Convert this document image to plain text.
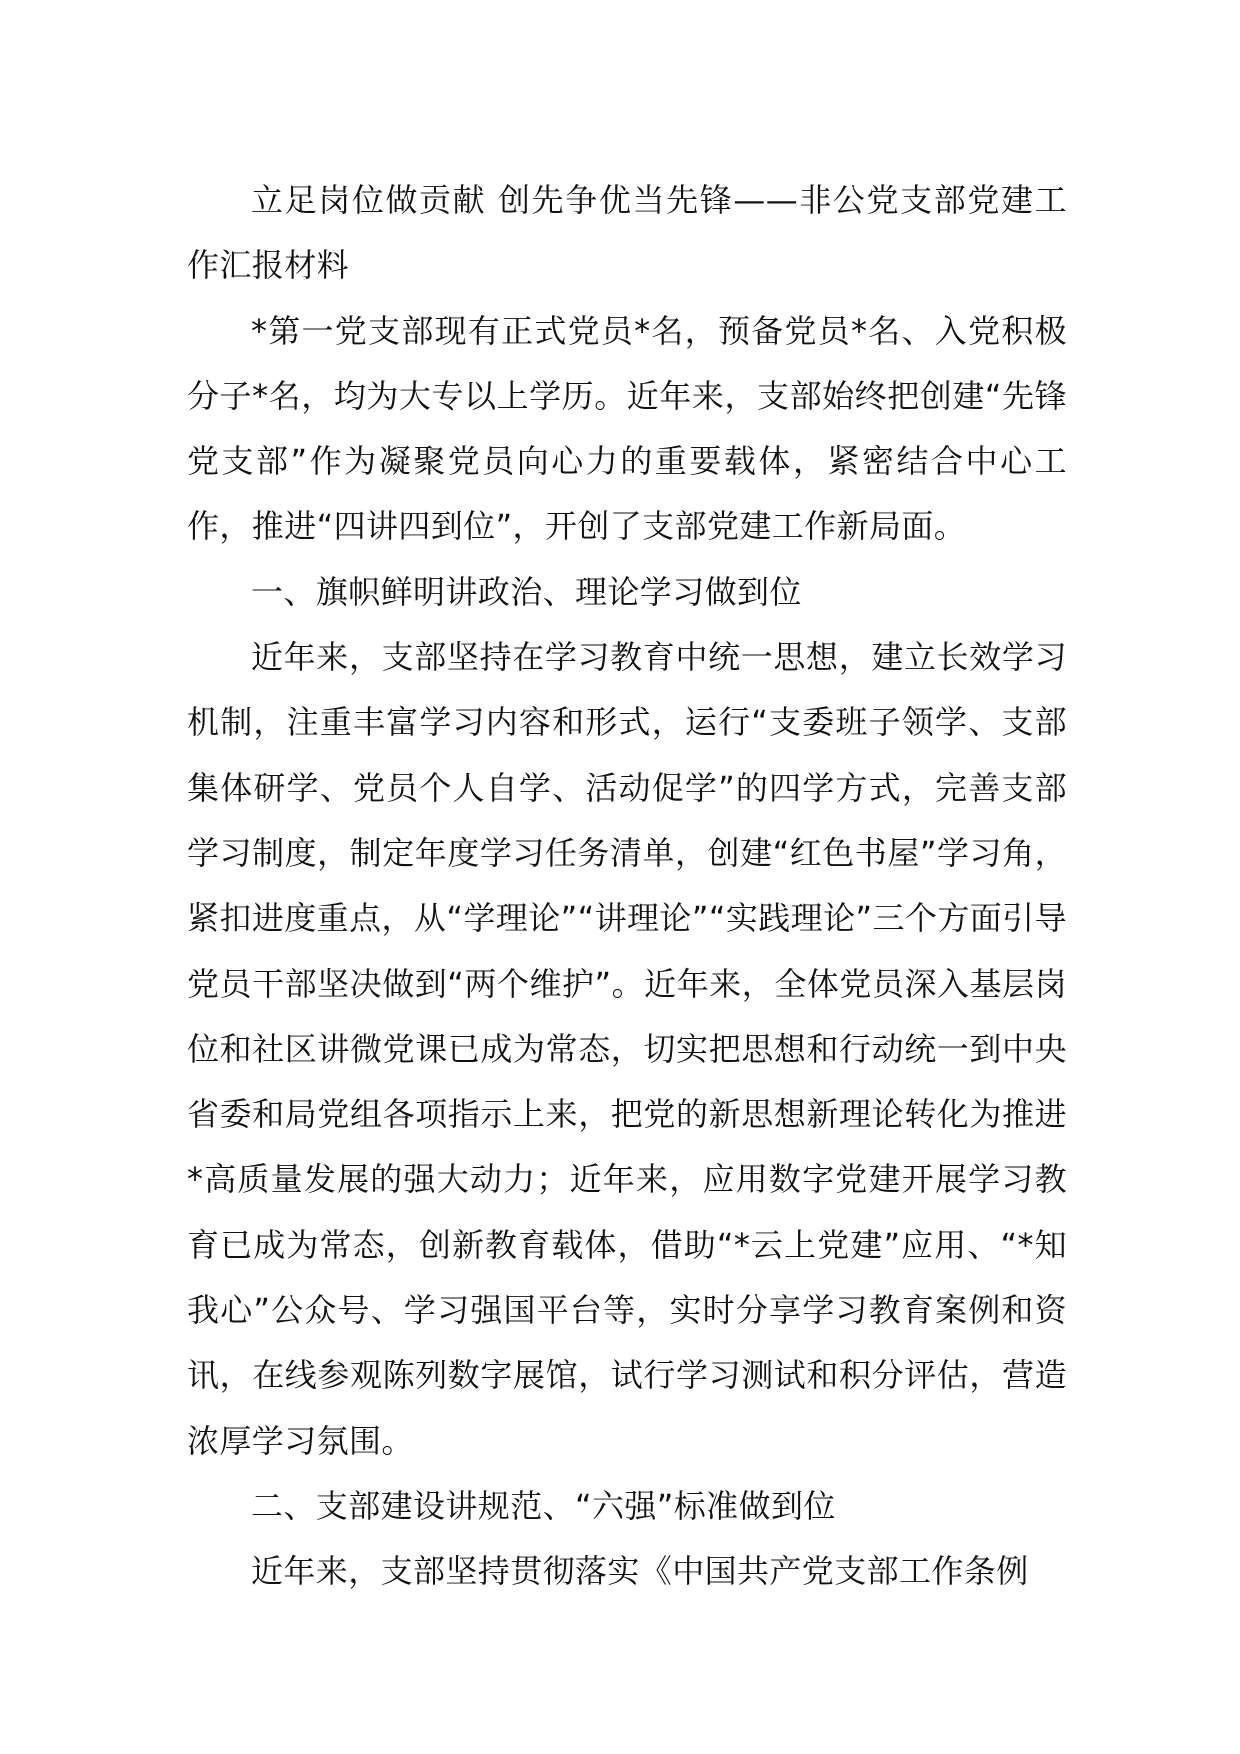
立足岗位做贡献 创先争优当先锋——非公党支部党建工作汇报材料

*第一党支部现有正式党员*名，预备党员*名、入党积极分子*名，均为大专以上学历。近年来，支部始终把创建“先锋党支部”作为凝聚党员向心力的重要载体，紧密结合中心工作，推进“四讲四到位”，开创了支部党建工作新局面。

一、旗帜鲜明讲政治、理论学习做到位

近年来，支部坚持在学习教育中统一思想，建立长效学习机制，注重丰富学习内容和形式，运行“支委班子领学、支部集体研学、党员个人自学、活动促学”的四学方式，完善支部学习制度，制定年度学习任务清单，创建“红色书屋”学习角，紧扣进度重点，从“学理论”“讲理论”“实践理论”三个方面引导党员干部坚决做到“两个维护”。近年来，全体党员深入基层岗位和社区讲微党课已成为常态，切实把思想和行动统一到中央省委和局党组各项指示上来，把党的新思想新理论转化为推进*高质量发展的强大动力；近年来，应用数字党建开展学习教育已成为常态，创新教育载体，借助“*云上党建”应用、“*知我心”公众号、学习强国平台等，实时分享学习教育案例和资讯，在线参观陈列数字展馆，试行学习测试和积分评估，营造浓厚学习氛围。

二、支部建设讲规范、“六强”标准做到位

近年来，支部坚持贯彻落实《中国共产党支部工作条例
